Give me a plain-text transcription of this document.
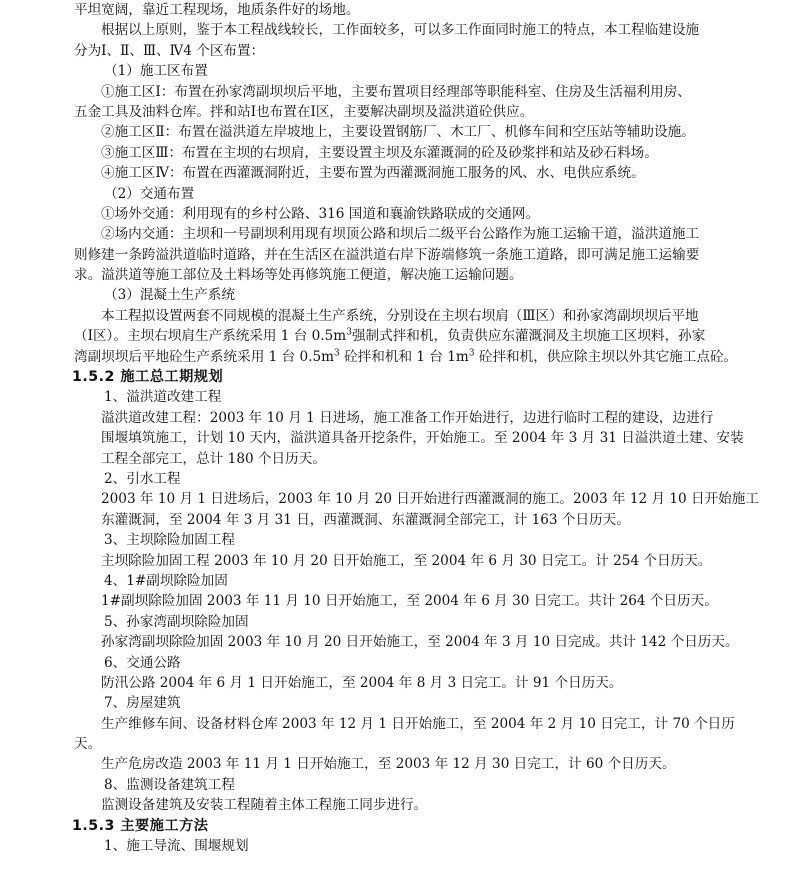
平坦宽阔，靠近工程现场，地质条件好的场地。
根据以上原则，鉴于本工程战线较长，工作面较多，可以多工作面同时施工的特点，本工程临建设施
分为Ⅰ、Ⅱ、Ⅲ、Ⅳ4 个区布置：
（1）施工区布置
①施工区Ⅰ：布置在孙家湾副坝坝后平地，主要布置项目经理部等职能科室、住房及生活福利用房、
五金工具及油料仓库。拌和站Ⅰ也布置在Ⅰ区，主要解决副坝及溢洪道砼供应。
②施工区Ⅱ：布置在溢洪道左岸坡地上，主要设置钢筋厂、木工厂、机修车间和空压站等辅助设施。
③施工区Ⅲ：布置在主坝的右坝肩，主要设置主坝及东灌溉洞的砼及砂浆拌和站及砂石料场。
④施工区Ⅳ：布置在西灌溉洞附近，主要布置为西灌溉洞施工服务的风、水、电供应系统。
（2）交通布置
①场外交通：利用现有的乡村公路、316 国道和襄渝铁路联成的交通网。
②场内交通：主坝和一号副坝利用现有坝顶公路和坝后二级平台公路作为施工运输干道，溢洪道施工
则修建一条跨溢洪道临时道路，并在生活区在溢洪道右岸下游端修筑一条施工道路，即可满足施工运输要
求。溢洪道等施工部位及土料场等处再修筑施工便道，解决施工运输问题。
（3）混凝土生产系统
本工程拟设置两套不同规模的混凝土生产系统，分别设在主坝右坝肩（Ⅲ区）和孙家湾副坝坝后平地
（Ⅰ区）。主坝右坝肩生产系统采用 1 台 $0.5m^3$强制式拌和机，负责供应东灌溉洞及主坝施工区坝料，孙家
湾副坝坝后平地砼生产系统采用 1 台 $0.5m^3$ 砼拌和机和 1 台 $1m^3$ 砼拌和机，供应除主坝以外其它施工点砼。
1.5.2 施工总工期规划
1、溢洪道改建工程
溢洪道改建工程：2003 年 10 月 1 日进场，施工准备工作开始进行，边进行临时工程的建设，边进行
围堰填筑施工，计划 10 天内，溢洪道具备开挖条件，开始施工。至 2004 年 3 月 31 日溢洪道土建、安装
工程全部完工，总计 180 个日历天。
2、引水工程
2003 年 10 月 1 日进场后，2003 年 10 月 20 日开始进行西灌溉洞的施工。2003 年 12 月 10 日开始施工
东灌溉洞，至 2004 年 3 月 31 日，西灌溉洞、东灌溉洞全部完工，计 163 个日历天。
3、主坝除险加固工程
主坝除险加固工程 2003 年 10 月 20 日开始施工，至 2004 年 6 月 30 日完工。计 254 个日历天。
4、1#副坝除险加固
1#副坝除险加固 2003 年 11 月 10 日开始施工，至 2004 年 6 月 30 日完工。共计 264 个日历天。
5、孙家湾副坝除险加固
孙家湾副坝除险加固 2003 年 10 月 20 日开始施工，至 2004 年 3 月 10 日完成。共计 142 个日历天。
6、交通公路
防汛公路 2004 年 6 月 1 日开始施工，至 2004 年 8 月 3 日完工。计 91 个日历天。
7、房屋建筑
生产维修车间、设备材料仓库 2003 年 12 月 1 日开始施工，至 2004 年 2 月 10 日完工，计 70 个日历
天。
生产危房改造 2003 年 11 月 1 日开始施工，至 2003 年 12 月 30 日完工，计 60 个日历天。
8、监测设备建筑工程
监测设备建筑及安装工程随着主体工程施工同步进行。
1.5.3 主要施工方法
1、施工导流、围堰规划
